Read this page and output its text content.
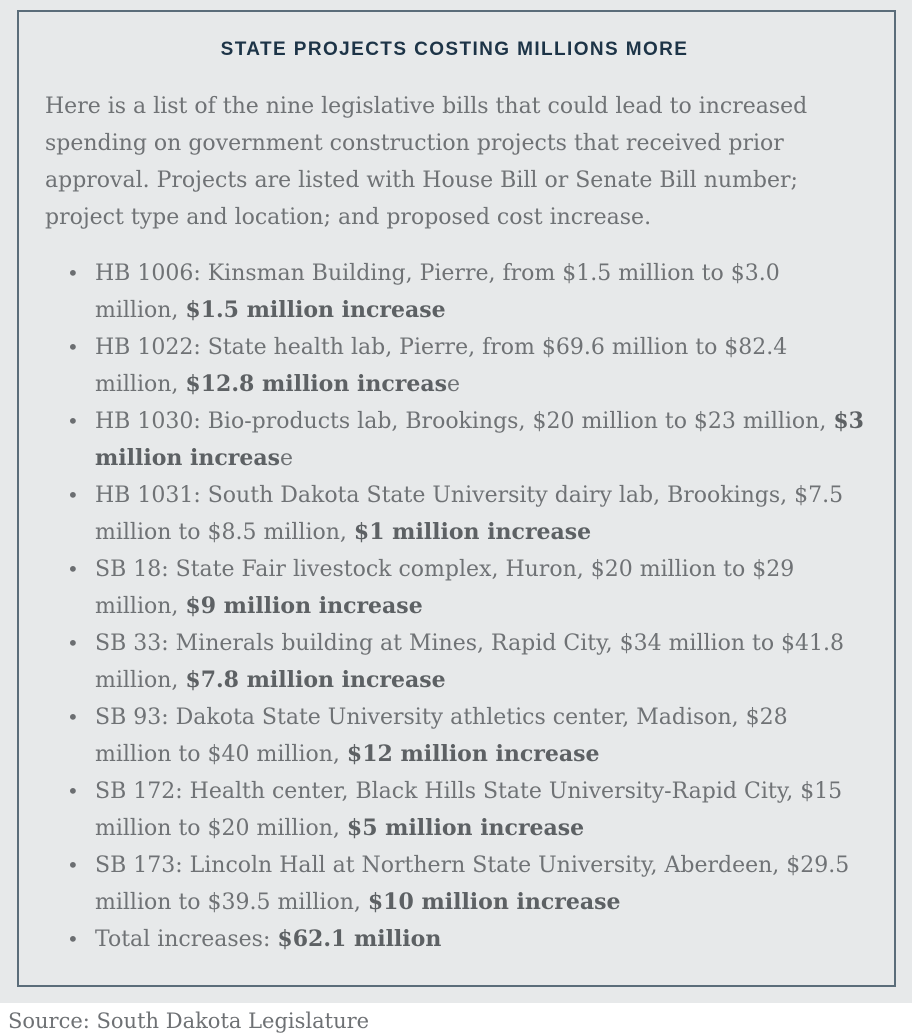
STATE PROJECTS COSTING MILLIONS MORE

Here is a list of the nine legislative bills that could lead to increased spending on government construction projects that received prior approval. Projects are listed with House Bill or Senate Bill number; project type and location; and proposed cost increase.

• HB 1006: Kinsman Building, Pierre, from $1.5 million to $3.0 million, $1.5 million increase
• HB 1022: State health lab, Pierre, from $69.6 million to $82.4 million, $12.8 million increase
• HB 1030: Bio-products lab, Brookings, $20 million to $23 million, $3 million increase
• HB 1031: South Dakota State University dairy lab, Brookings, $7.5 million to $8.5 million, $1 million increase
• SB 18: State Fair livestock complex, Huron, $20 million to $29 million, $9 million increase
• SB 33: Minerals building at Mines, Rapid City, $34 million to $41.8 million, $7.8 million increase
• SB 93: Dakota State University athletics center, Madison, $28 million to $40 million, $12 million increase
• SB 172: Health center, Black Hills State University-Rapid City, $15 million to $20 million, $5 million increase
• SB 173: Lincoln Hall at Northern State University, Aberdeen, $29.5 million to $39.5 million, $10 million increase
• Total increases: $62.1 million
Source: South Dakota Legislature
